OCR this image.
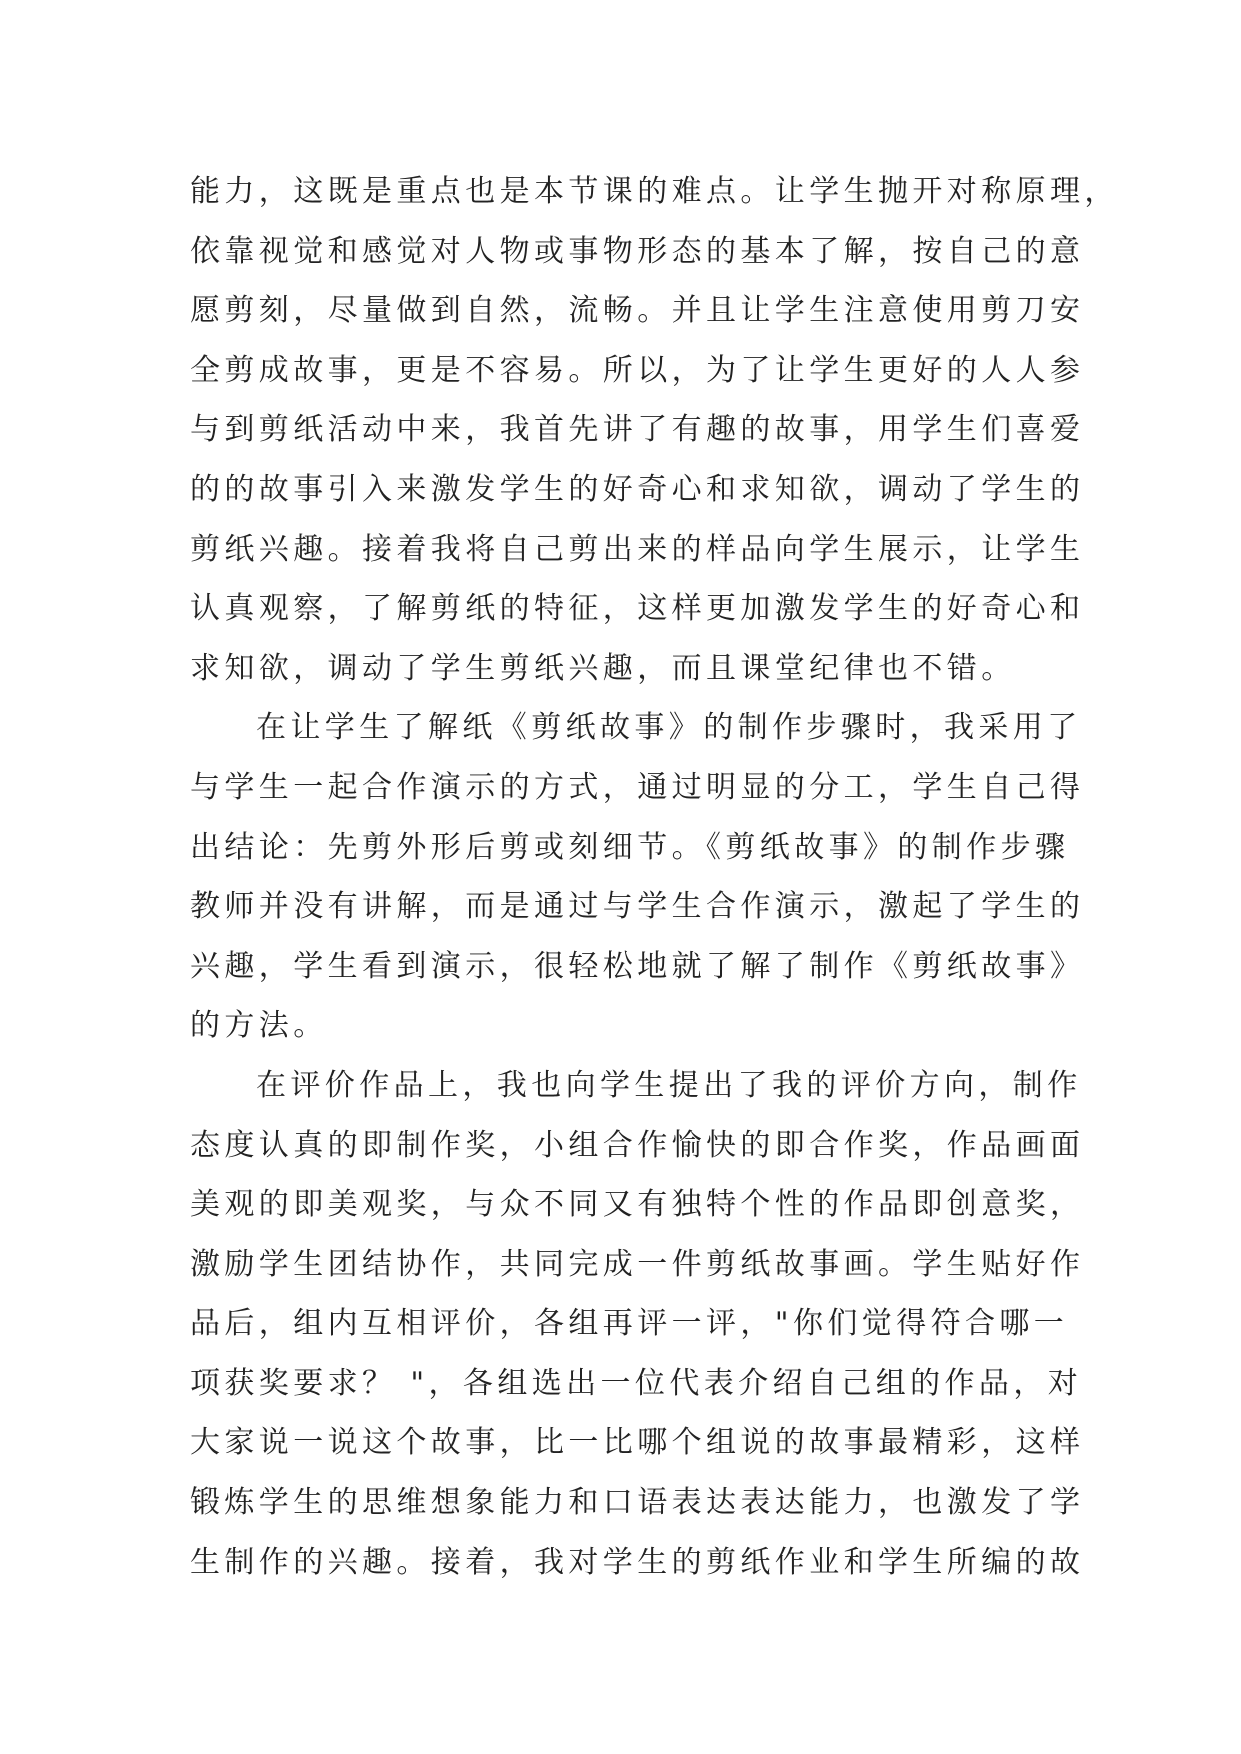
能力，这既是重点也是本节课的难点。让学生抛开对称原理，
依靠视觉和感觉对人物或事物形态的基本了解，按自己的意
愿剪刻，尽量做到自然，流畅。并且让学生注意使用剪刀安
全剪成故事，更是不容易。所以，为了让学生更好的人人参
与到剪纸活动中来，我首先讲了有趣的故事，用学生们喜爱
的的故事引入来激发学生的好奇心和求知欲，调动了学生的
剪纸兴趣。接着我将自己剪出来的样品向学生展示，让学生
认真观察，了解剪纸的特征，这样更加激发学生的好奇心和
求知欲，调动了学生剪纸兴趣，而且课堂纪律也不错。
在让学生了解纸《剪纸故事》的制作步骤时，我采用了
与学生一起合作演示的方式，通过明显的分工，学生自己得
出结论：先剪外形后剪或刻细节。《剪纸故事》的制作步骤
教师并没有讲解，而是通过与学生合作演示，激起了学生的
兴趣，学生看到演示，很轻松地就了解了制作《剪纸故事》
的方法。
在评价作品上，我也向学生提出了我的评价方向，制作
态度认真的即制作奖，小组合作愉快的即合作奖，作品画面
美观的即美观奖，与众不同又有独特个性的作品即创意奖，
激励学生团结协作，共同完成一件剪纸故事画。学生贴好作
品后，组内互相评价，各组再评一评，"你们觉得符合哪一
项获奖要求？ "，各组选出一位代表介绍自己组的作品，对
大家说一说这个故事，比一比哪个组说的故事最精彩，这样
锻炼学生的思维想象能力和口语表达表达能力，也激发了学
生制作的兴趣。接着，我对学生的剪纸作业和学生所编的故
